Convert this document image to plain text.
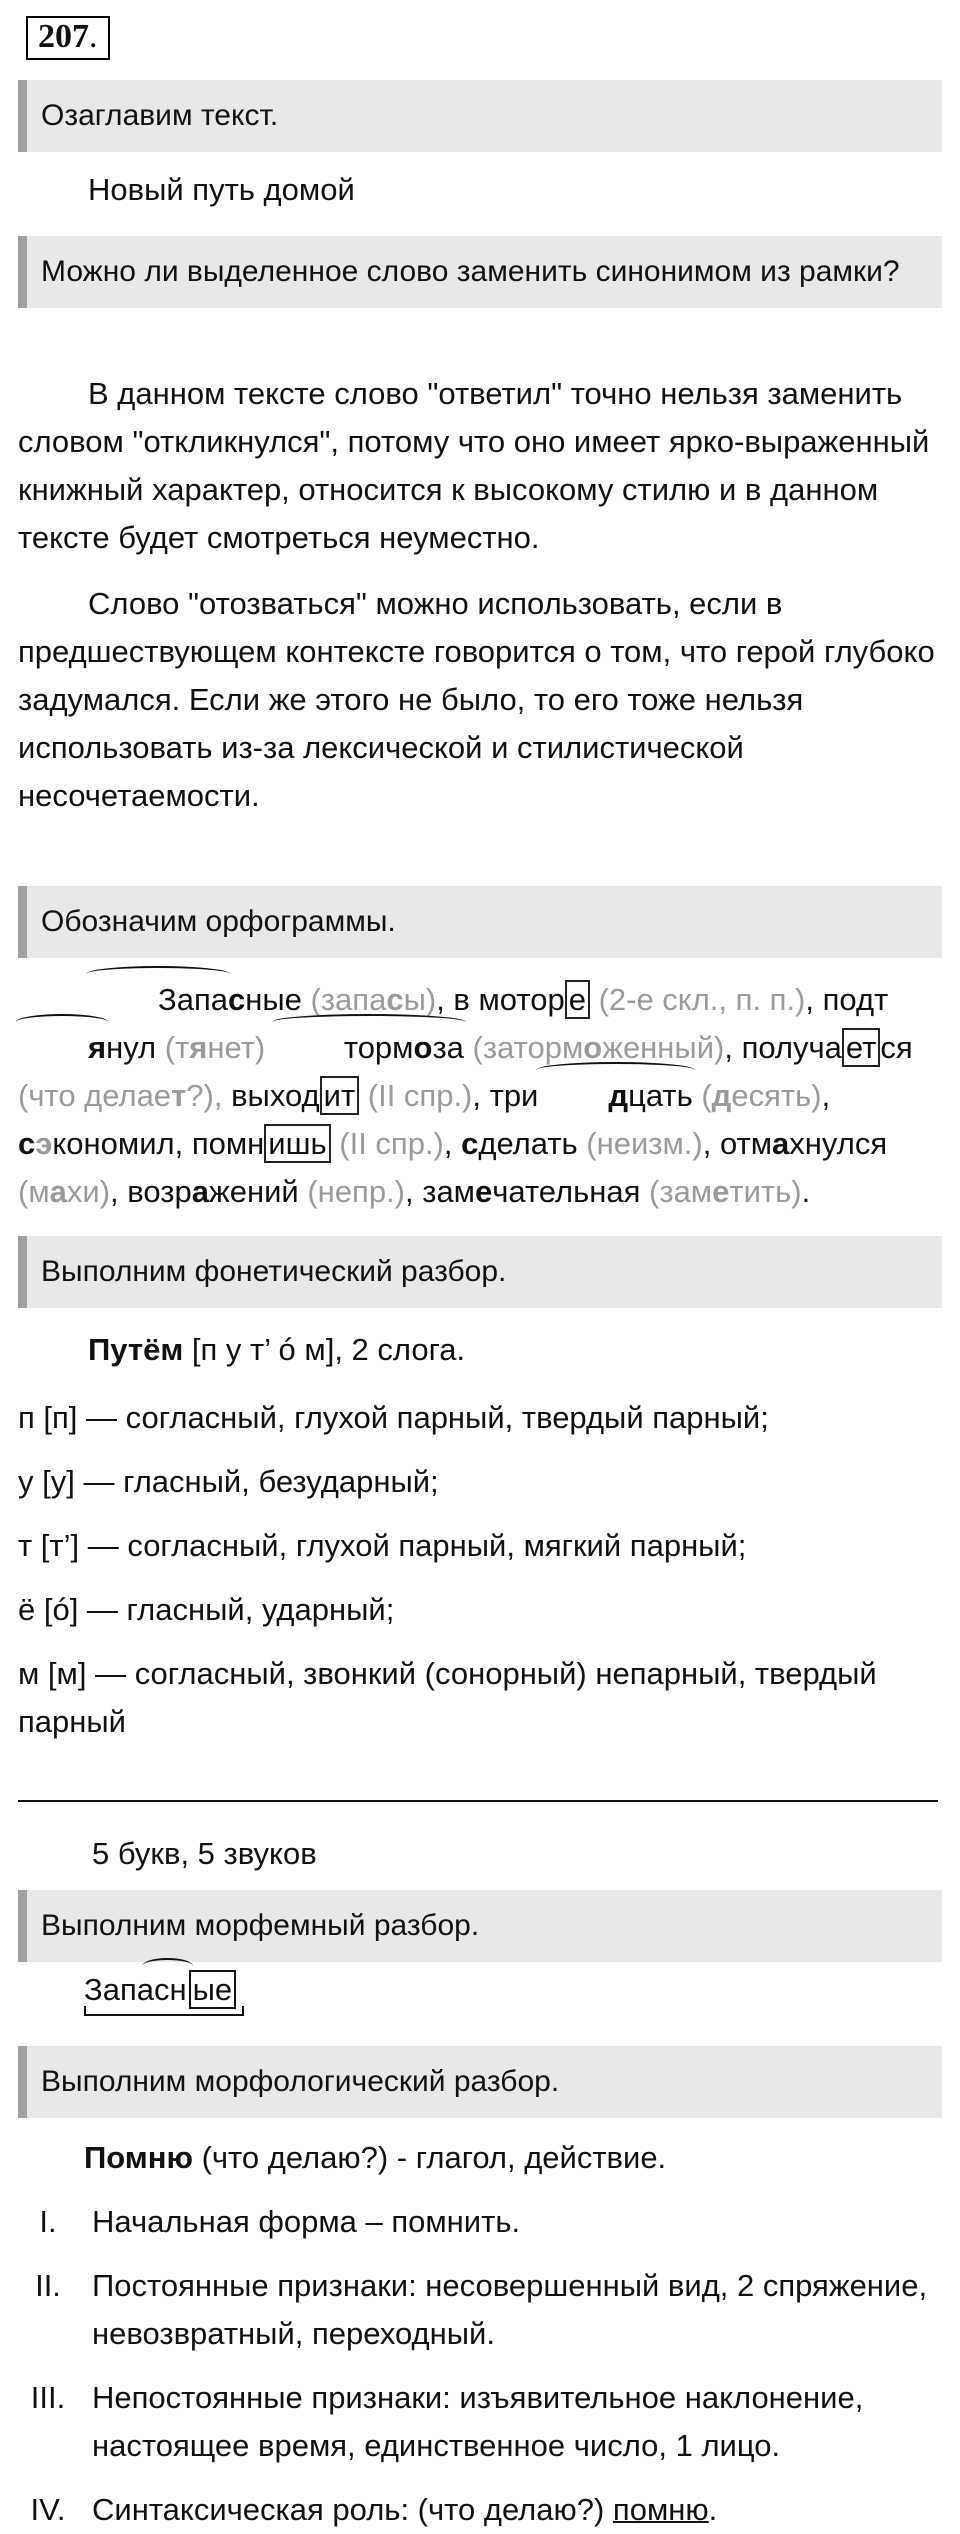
207.
Озаглавим текст.
Новый путь домой
Можно ли выделенное слово заменить синонимом из рамки?
В данном тексте слово "ответил" точно нельзя заменить словом "откликнулся", потому что оно имеет ярко-выраженный книжный характер, относится к высокому стилю и в данном тексте будет смотреться неуместно.
Слово "отозваться" можно использовать, если в предшествующем контексте говорится о том, что герой глубоко задумался. Если же этого не было, то его тоже нельзя использовать из-за лексической и стилистической несочетаемости.
Обозначим орфограммы.
Запасные (запасы), в мотор е (2-е скл., п. п.), подтянул (тянет) тормоза (заторможенный), получа ет ся (что делает?), выход ит (II спр.), три дцать (десять), сэкономил, помн ишь (II спр.), сделать (неизм.), отмахнулся (махи), возражений (непр.), замечательная (заметить).
Выполним фонетический разбор.
Путём [п у т’ ó м], 2 слога.
п [п] — согласный, глухой парный, твердый парный;
у [у] — гласный, безударный;
т [т’] — согласный, глухой парный, мягкий парный;
ё [ó] — гласный, ударный;
м [м] — согласный, звонкий (сонорный) непарный, твердый парный
5 букв, 5 звуков
Выполним морфемный разбор.
Запасн ые
Выполним морфологический разбор.
Помню (что делаю?) - глагол, действие.
I.	Начальная форма – помнить.
II.	Постоянные признаки: несовершенный вид, 2 спряжение, невозвратный, переходный.
III. Непостоянные признаки: изъявительное наклонение, настоящее время, единственное число, 1 лицо.
IV. Синтаксическая роль: (что делаю?) помню.
